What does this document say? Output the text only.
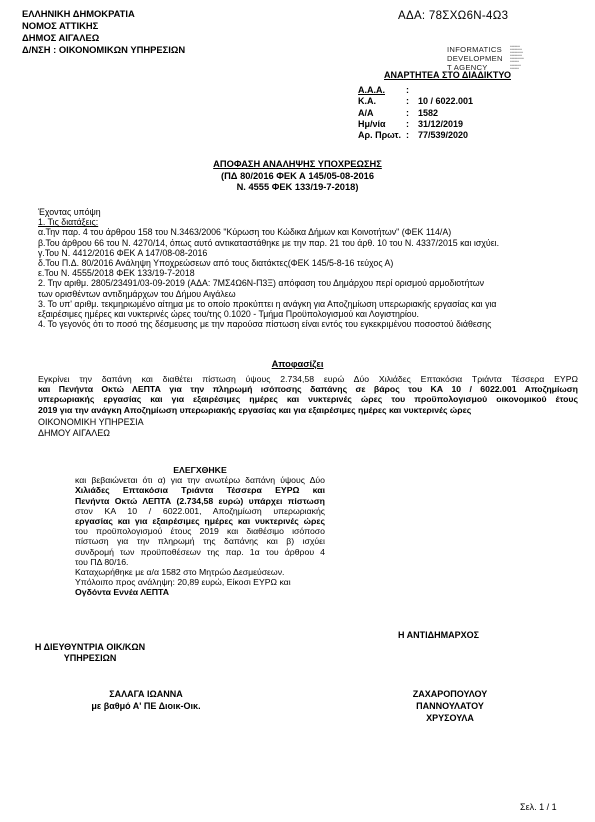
ΕΛΛΗΝΙΚΗ ΔΗΜΟΚΡΑΤΙΑ
ΝΟΜΟΣ ΑΤΤΙΚΗΣ
ΔΗΜΟΣ ΑΙΓΑΛΕΩ
Δ/ΝΣΗ : ΟΙΚΟΝΟΜΙΚΩΝ ΥΠΗΡΕΣΙΩΝ
ΑΔΑ: 78ΣΧΩ6Ν-4Ω3
INFORMATICS
DEVELOPMEN
T AGENCY
▪▪▪▪▪▪▪▪▪▪▪
▪▪▪▪▪▪▪▪▪▪▪▪▪
▪▪▪▪▪▪▪▪▪▪▪▪▪▪
▪▪▪▪▪▪▪▪▪▪▪▪▪
▪▪▪▪▪▪▪▪▪▪▪▪▪▪▪
▪▪▪▪▪▪▪▪▪▪
▪▪▪▪▪▪▪▪▪▪▪▪
▪▪▪▪▪▪▪▪▪▪
ΑΝΑΡΤΗΤΕΑ ΣΤΟ ΔΙΑΔΙΚΤΥΟ
Α.Α.Α.	:
Κ.Α.	:	10 / 6022.001
Α/Α	:	1582
Ημ/νία	:	31/12/2019
Αρ. Πρωτ. :	77/539/2020
ΑΠΟΦΑΣΗ ΑΝΑΛΗΨΗΣ ΥΠΟΧΡΕΩΣΗΣ
(ΠΔ 80/2016 ΦΕΚ Α 145/05-08-2016
Ν. 4555 ΦΕΚ 133/19-7-2018)
Έχοντας υπόψη
1. Τις διατάξεις:
α.Την παρ. 4 του άρθρου 158 του Ν.3463/2006 "Κύρωση του Κώδικα Δήμων και Κοινοτήτων" (ΦΕΚ 114/Α)
β.Του άρθρου 66 του Ν. 4270/14, όπως αυτό αντικαταστάθηκε με την παρ. 21 του άρθ. 10 του Ν. 4337/2015 και ισχύει.
γ.Του Ν. 4412/2016 ΦΕΚ Α 147/08-08-2016
δ.Του Π.Δ. 80/2016 Ανάληψη Υποχρεώσεων από τους διατάκτες(ΦΕΚ 145/5-8-16 τεύχος Α)
ε.Του Ν. 4555/2018 ΦΕΚ 133/19-7-2018
2. Την αριθμ. 2805/23491/03-09-2019 (ΑΔΑ: 7ΜΣ4Ω6Ν-Π3Ξ) απόφαση του Δημάρχου περί ορισμού αρμοδιοτήτων
των ορισθέντων αντιδημάρχων του Δήμου Αιγάλεω
3. Το υπ' αριθμ. τεκμηριωμένο αίτημα με το οποίο προκύπτει η ανάγκη για Αποζημίωση υπερωριακής εργασίας και για
εξαιρέσιμες ημέρες και νυκτερινές ώρες του/της 0.1020 - Τμήμα Προϋπολογισμού και Λογιστηρίου.
4. Το γεγονός ότι το ποσό της δέσμευσης με την παρούσα πίστωση είναι εντός του εγκεκριμένου ποσοστού διάθεσης
Αποφασίζει
Εγκρίνει την δαπάνη και διαθέτει πίστωση ύψους 2.734,58 ευρώ Δύο Χιλιάδες Επτακόσια Τριάντα Τέσσερα ΕΥΡΩ
και Πενήντα Οκτώ ΛΕΠΤΑ για την πληρωμή ισόποσης δαπάνης σε βάρος του ΚΑ 10 / 6022.001 Αποζημίωση
υπερωριακής εργασίας και για εξαιρέσιμες ημέρες και νυκτερινές ώρες του προϋπολογισμού οικονομικού έτους
2019 για την ανάγκη Αποζημίωση υπερωριακής εργασίας και για εξαιρέσιμες ημέρες και νυκτερινές ώρες
ΟΙΚΟΝΟΜΙΚΗ ΥΠΗΡΕΣΙΑ
ΔΗΜΟΥ ΑΙΓΑΛΕΩ
ΕΛΕΓΧΘΗΚΕ
και βεβαιώνεται ότι α) για την ανωτέρω δαπάνη ύψους Δύο
Χιλιάδες Επτακόσια Τριάντα Τέσσερα ΕΥΡΩ και
Πενήντα Οκτώ ΛΕΠΤΑ (2.734,58 ευρώ) υπάρχει πίστωση
στον ΚΑ 10 / 6022.001, Αποζημίωση υπερωριακής
εργασίας και για εξαιρέσιμες ημέρες και νυκτερινές ώρες
του προϋπολογισμού έτους 2019 και διαθέσιμο ισόποσο
πίστωση για την πληρωμή της δαπάνης και β) ισχύει
συνδρομή των προϋποθέσεων της παρ. 1α του άρθρου 4
του ΠΔ 80/16.
Καταχωρήθηκε με α/α 1582 στο Μητρώο Δεσμεύσεων.
Υπόλοιπο προς ανάληψη: 20,89 ευρώ, Είκοσι ΕΥΡΩ και
Ογδόντα Εννέα ΛΕΠΤΑ
Η ΑΝΤΙΔΗΜΑΡΧΟΣ
Η ΔΙΕΥΘΥΝΤΡΙΑ ΟΙΚ/ΚΩΝ
ΥΠΗΡΕΣΙΩΝ
ΣΑΛΑΓΑ ΙΩΑΝΝΑ
με βαθμό Α' ΠΕ Διοικ-Οικ.
ΖΑΧΑΡΟΠΟΥΛΟΥ
ΠΑΝΝΟΥΛΑΤΟΥ
ΧΡΥΣΟΥΛΑ
Σελ. 1 / 1
